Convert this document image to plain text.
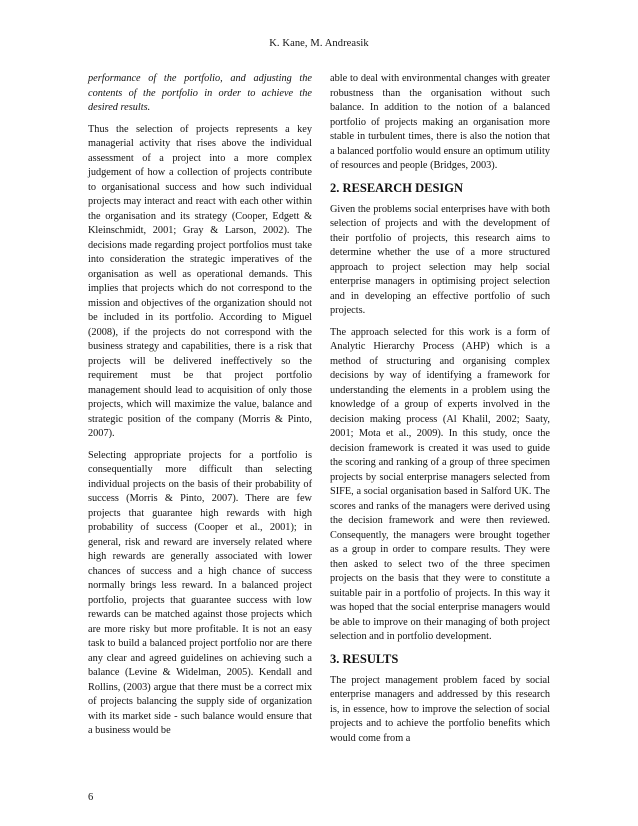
K. Kane, M. Andreasik

performance of the portfolio, and adjusting the contents of the portfolio in order to achieve the desired results.

Thus the selection of projects represents a key managerial activity that rises above the individual assessment of a project into a more complex judgement of how a collection of projects contribute to organisational success and how such individual projects may interact and react with each other within the organisation and its strategy (Cooper, Edgett & Kleinschmidt, 2001; Gray & Larson, 2002). The decisions made regarding project portfolios must take into consideration the strategic imperatives of the organisation as well as operational demands. This implies that projects which do not correspond to the mission and objectives of the organization should not be included in its portfolio. According to Miguel (2008), if the projects do not correspond with the business strategy and capabilities, there is a risk that projects will be delivered ineffectively so the requirement must be that project portfolio management should lead to acquisition of only those projects, which will maximize the value, balance and strategic position of the company (Morris & Pinto, 2007).

Selecting appropriate projects for a portfolio is consequentially more difficult than selecting individual projects on the basis of their probability of success (Morris & Pinto, 2007). There are few projects that guarantee high rewards with high probability of success (Cooper et al., 2001); in general, risk and reward are inversely related where high rewards are generally associated with lower chances of success and a high chance of success normally brings less reward. In a balanced project portfolio, projects that guarantee success with low rewards can be matched against those projects which are more risky but more profitable. It is not an easy task to build a balanced project portfolio nor are there any clear and agreed guidelines on achieving such a balance (Levine & Widelman, 2005). Kendall and Rollins, (2003) argue that there must be a correct mix of projects balancing the supply side of organization with its market side - such balance would ensure that a business would be

able to deal with environmental changes with greater robustness than the organisation without such balance. In addition to the notion of a balanced portfolio of projects making an organisation more stable in turbulent times, there is also the notion that a balanced portfolio would ensure an optimum utility of resources and people (Bridges, 2003).

2. RESEARCH DESIGN

Given the problems social enterprises have with both selection of projects and with the development of their portfolio of projects, this research aims to determine whether the use of a more structured approach to project selection may help social enterprise managers in optimising project selection and in developing an effective portfolio of such projects.

The approach selected for this work is a form of Analytic Hierarchy Process (AHP) which is a method of structuring and organising complex decisions by way of identifying a framework for understanding the elements in a problem using the knowledge of a group of experts involved in the decision making process (Al Khalil, 2002; Saaty, 2001; Mota et al., 2009). In this study, once the decision framework is created it was used to guide the scoring and ranking of a group of three specimen projects by social enterprise managers selected from SIFE, a social organisation based in Salford UK. The scores and ranks of the managers were derived using the decision framework and were then reviewed. Consequently, the managers were brought together as a group in order to compare results. They were then asked to select two of the three specimen projects on the basis that they were to constitute a suitable pair in a portfolio of projects. In this way it was hoped that the social enterprise managers would be able to improve on their managing of both project selection and in portfolio development.

3. RESULTS

The project management problem faced by social enterprise managers and addressed by this research is, in essence, how to improve the selection of social projects and to achieve the portfolio benefits which would come from a

6
